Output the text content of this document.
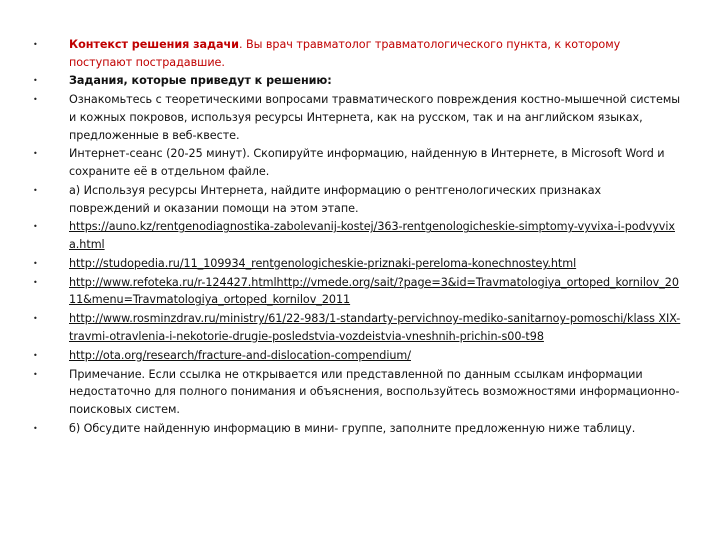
•	Контекст решения задачи. Вы врач травматолог травматологического пункта, к которому поступают пострадавшие.
•	Задания, которые приведут к решению:
•	Ознакомьтесь с теоретическими вопросами травматического повреждения костно-мышечной системы и кожных покровов, используя ресурсы Интернета, как на русском, так и на английском языках, предложенные в веб-квесте.
•	Интернет-сеанс (20-25 минут). Скопируйте информацию, найденную в Интернете, в Microsoft Word и сохраните её в отдельном файле.
•	а) Используя ресурсы Интернета, найдите информацию о рентгенологических признаках повреждений и оказании помощи на этом этапе.
•	https://auno.kz/rentgenodiagnostika-zabolevanij-kostej/363-rentgenologicheskie-simptomy-vyvixa-i-podvyvixa.html
•	http://studopedia.ru/11_109934_rentgenologicheskie-priznaki-pereloma-konechnostey.html
•	http://www.refoteka.ru/r-124427.htmlhttp://vmede.org/sait/?page=3&id=Travmatologiya_ortoped_kornilov_2011&menu=Travmatologiya_ortoped_kornilov_2011
•	http://www.rosminzdrav.ru/ministry/61/22-983/1-standarty-pervichnoy-mediko-sanitarnoy-pomoschi/klass XIX-travmi-otravlenia-i-nekotorie-drugie-posledstvia-vozdeistvia-vneshnih-prichin-s00-t98
•	http://ota.org/research/fracture-and-dislocation-compendium/
•	Примечание. Если ссылка не открывается или представленной по данным ссылкам информации недостаточно для полного понимания и объяснения, воспользуйтесь возможностями информационно-поисковых систем.
•	б) Обсудите найденную информацию в мини- группе, заполните предложенную ниже таблицу.
